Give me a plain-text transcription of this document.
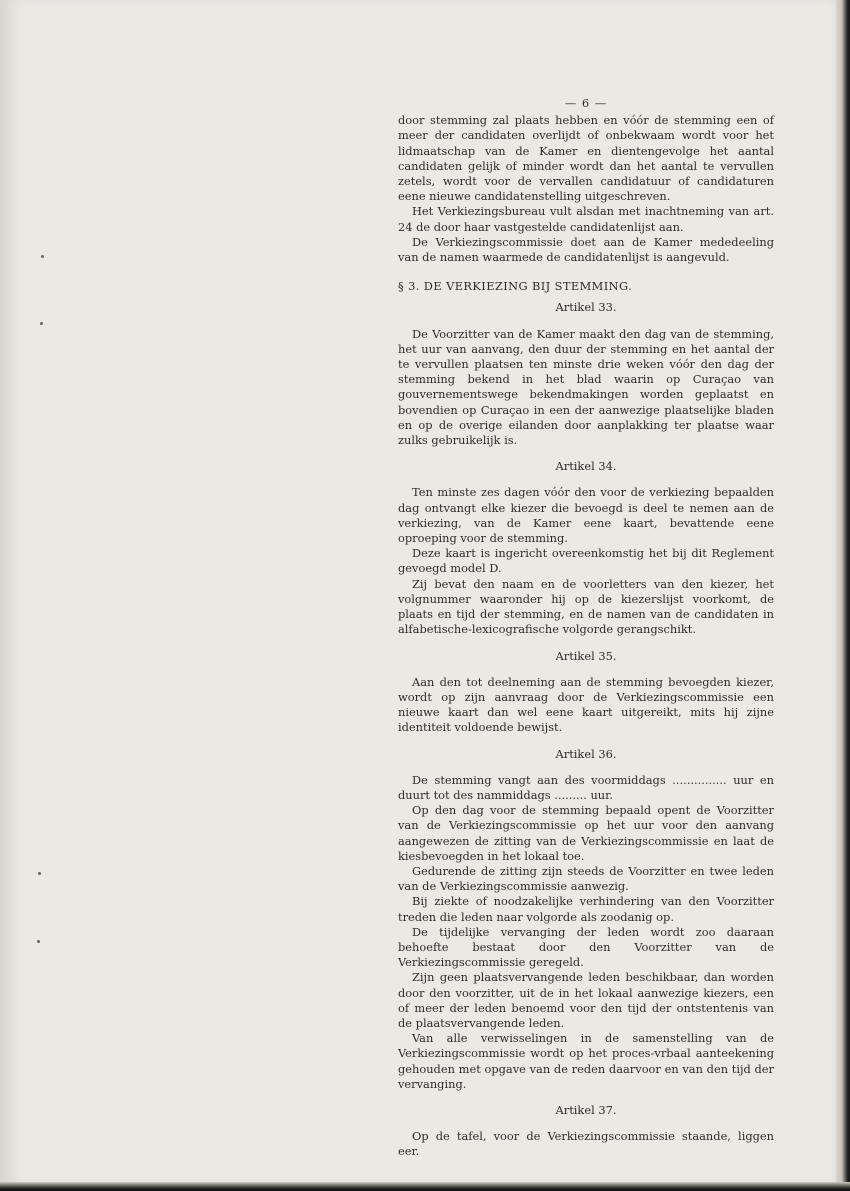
— 6 —

door stemming zal plaats hebben en vóór de stemming een of meer der candidaten overlijdt of onbekwaam wordt voor het lidmaatschap van de Kamer en dientengevolge het aantal candidaten gelijk of minder wordt dan het aantal te vervullen zetels, wordt voor de vervallen candidatuur of candidaturen eene nieuwe candidatenstelling uitgeschreven.

Het Verkiezingsbureau vult alsdan met inachtneming van art. 24 de door haar vastgestelde candidatenlijst aan.

De Verkiezingscommissie doet aan de Kamer mededeeling van de namen waarmede de candidatenlijst is aangevuld.

§ 3. DE VERKIEZING BIJ STEMMING.
Artikel 33.

De Voorzitter van de Kamer maakt den dag van de stemming, het uur van aanvang, den duur der stemming en het aantal der te vervullen plaatsen ten minste drie weken vóór den dag der stemming bekend in het blad waarin op Curaçao van gouvernementswege bekendmakingen worden geplaatst en bovendien op Curaçao in een der aanwezige plaatselijke bladen en op de overige eilanden door aanplakking ter plaatse waar zulks gebruikelijk is.

Artikel 34.

Ten minste zes dagen vóór den voor de verkiezing bepaalden dag ontvangt elke kiezer die bevoegd is deel te nemen aan de verkiezing, van de Kamer eene kaart, bevattende eene oproeping voor de stemming.

Deze kaart is ingericht overeenkomstig het bij dit Reglement gevoegd model D.

Zij bevat den naam en de voorletters van den kiezer, het volgnummer waaronder hij op de kiezerslijst voorkomt, de plaats en tijd der stemming, en de namen van de candidaten in alfabetische-lexicografische volgorde gerangschikt.

Artikel 35.

Aan den tot deelneming aan de stemming bevoegden kiezer, wordt op zijn aanvraag door de Verkiezingscommissie een nieuwe kaart dan wel eene kaart uitgereikt, mits hij zijne identiteit voldoende bewijst.

Artikel 36.

De stemming vangt aan des voormiddags ............... uur en duurt tot des nammiddags ......... uur.

Op den dag voor de stemming bepaald opent de Voorzitter van de Verkiezingscommissie op het uur voor den aanvang aangewezen de zitting van de Verkiezingscommissie en laat de kiesbevoegden in het lokaal toe.

Gedurende de zitting zijn steeds de Voorzitter en twee leden van de Verkiezingscommissie aanwezig.

Bij ziekte of noodzakelijke verhindering van den Voorzitter treden die leden naar volgorde als zoodanig op.

De tijdelijke vervanging der leden wordt zoo daaraan behoefte bestaat door den Voorzitter van de Verkiezingscommissie geregeld.

Zijn geen plaatsvervangende leden beschikbaar, dan worden door den voorzitter, uit de in het lokaal aanwezige kiezers, een of meer der leden benoemd voor den tijd der ontstentenis van de plaatsvervangende leden.

Van alle verwisselingen in de samenstelling van de Verkiezingscommissie wordt op het proces-vrbaal aanteekening gehouden met opgave van de reden daarvoor en van den tijd der vervanging.

Artikel 37.

Op de tafel, voor de Verkiezingscommissie staande, liggen eer.
